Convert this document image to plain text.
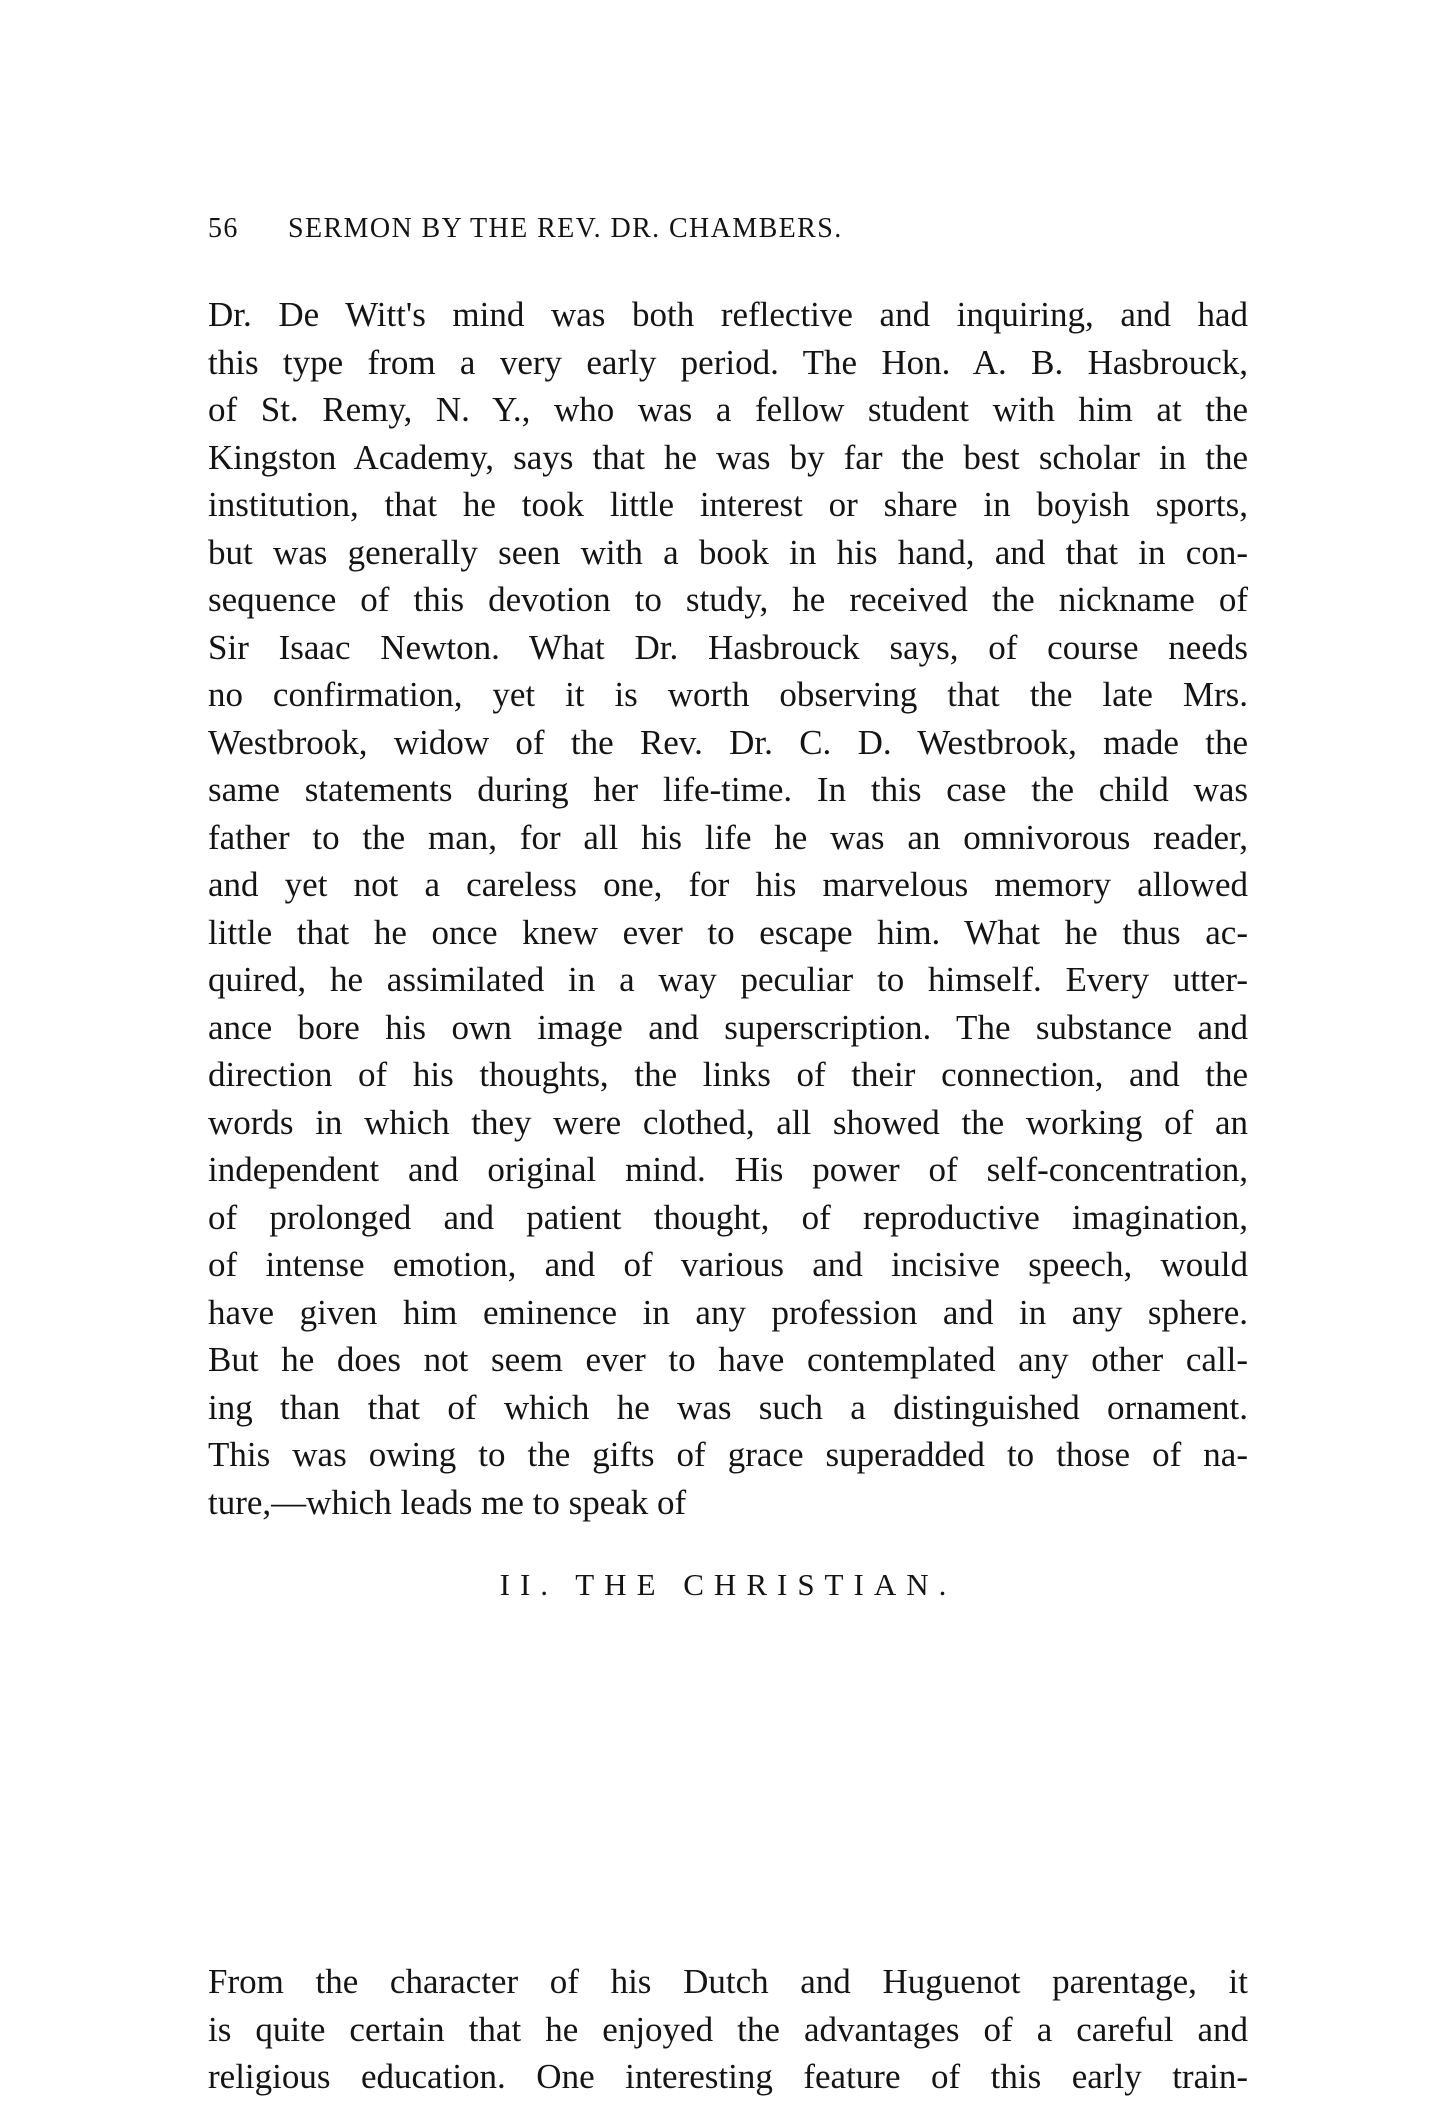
56 SERMON BY THE REV. DR. CHAMBERS.
Dr. De Witt's mind was both reflective and inquiring, and had
this type from a very early period. The Hon. A. B. Hasbrouck,
of St. Remy, N. Y., who was a fellow student with him at the
Kingston Academy, says that he was by far the best scholar in the
institution, that he took little interest or share in boyish sports,
but was generally seen with a book in his hand, and that in con-
sequence of this devotion to study, he received the nickname of
Sir Isaac Newton. What Dr. Hasbrouck says, of course needs
no confirmation, yet it is worth observing that the late Mrs.
Westbrook, widow of the Rev. Dr. C. D. Westbrook, made the
same statements during her life-time. In this case the child was
father to the man, for all his life he was an omnivorous reader,
and yet not a careless one, for his marvelous memory allowed
little that he once knew ever to escape him. What he thus ac-
quired, he assimilated in a way peculiar to himself. Every utter-
ance bore his own image and superscription. The substance and
direction of his thoughts, the links of their connection, and the
words in which they were clothed, all showed the working of an
independent and original mind. His power of self-concentration,
of prolonged and patient thought, of reproductive imagination,
of intense emotion, and of various and incisive speech, would
have given him eminence in any profession and in any sphere.
But he does not seem ever to have contemplated any other call-
ing than that of which he was such a distinguished ornament.
This was owing to the gifts of grace superadded to those of na-
ture,—which leads me to speak of
II. THE CHRISTIAN.
From the character of his Dutch and Huguenot parentage, it
is quite certain that he enjoyed the advantages of a careful and
religious education. One interesting feature of this early train-
